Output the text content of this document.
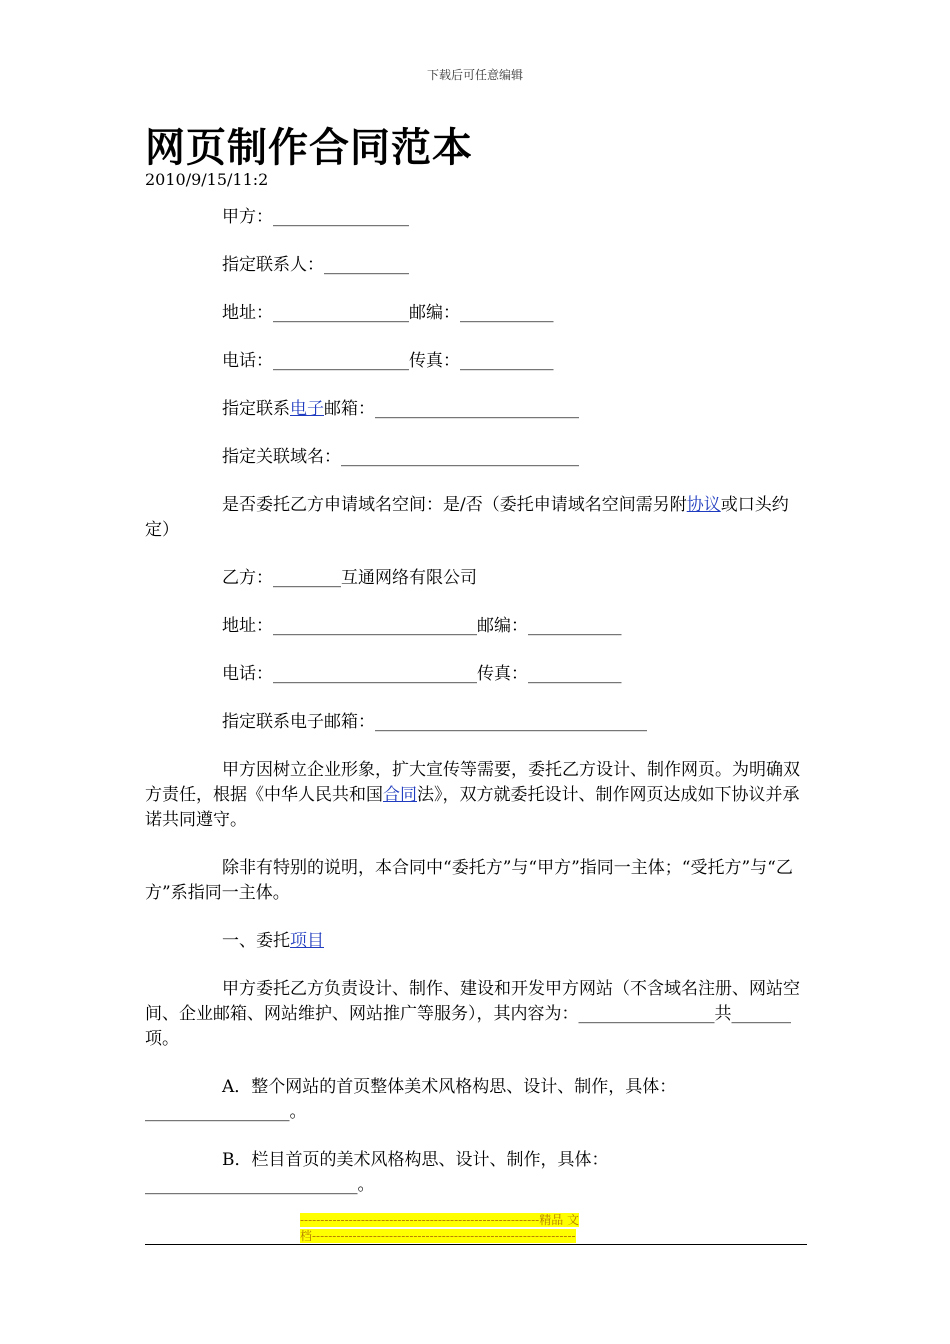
下载后可任意编辑
网页制作合同范本
2010/9/15/11:2

甲方：________________

指定联系人：__________

地址：________________邮编：___________

电话：________________传真：___________

指定联系电子邮箱：________________________

指定关联域名：____________________________

是否委托乙方申请域名空间：是/否（委托申请域名空间需另附协议或口头约定）

乙方：________互通网络有限公司

地址：________________________邮编：___________

电话：________________________传真：___________

指定联系电子邮箱：________________________________

甲方因树立企业形象，扩大宣传等需要，委托乙方设计、制作网页。为明确双方责任，根据《中华人民共和国合同法》，双方就委托设计、制作网页达成如下协议并承诺共同遵守。

除非有特别的说明，本合同中“委托方”与“甲方”指同一主体；“受托方”与“乙方”系指同一主体。

一、委托项目

甲方委托乙方负责设计、制作、建设和开发甲方网站（不含域名注册、网站空间、企业邮箱、网站维护、网站推广等服务），其内容为：________________共_______项。

A．整个网站的首页整体美术风格构思、设计、制作，具体：_________________。

B．栏目首页的美术风格构思、设计、制作，具体：_________________________。

-----------------------------------------------------------精品 文
档-----------------------------------------------------------------
